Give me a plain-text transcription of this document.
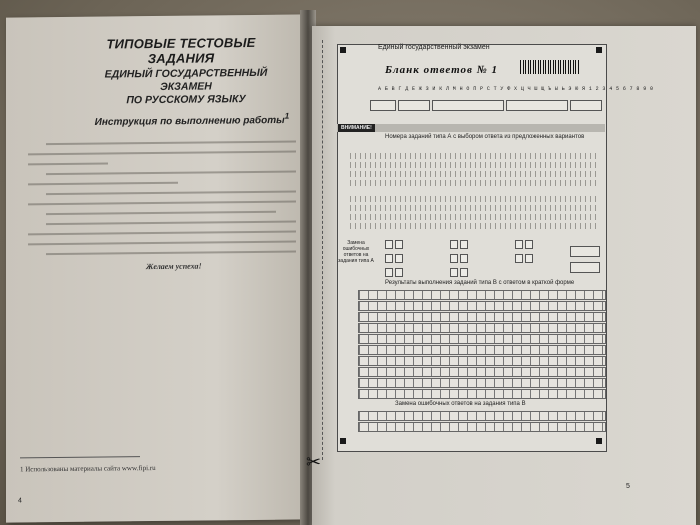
ТИПОВЫЕ ТЕСТОВЫЕ ЗАДАНИЯ
ЕДИНЫЙ ГОСУДАРСТВЕННЫЙ ЭКЗАМЕН
ПО РУССКОМУ ЯЗЫКУ
Инструкция по выполнению работы$^1$
Желаем успеха!
1 Использованы материалы сайта www.fipi.ru
4
Единый государственный экзамен
Бланк ответов № 1
А Б В Г Д Е Ж З И К Л М Н О П Р С Т У Ф Х Ц Ч Ш Щ Ъ Ы Ь Э Ю Я 1 2 3 4 5 6 7 8 9 0
ВНИМАНИЕ!
Номера заданий типа А с выбором ответа из предложенных вариантов
Замена ошибочных ответов на задания типа А
Результаты выполнения заданий типа В с ответом в краткой форме
Замена ошибочных ответов на задания типа В
✂
5
